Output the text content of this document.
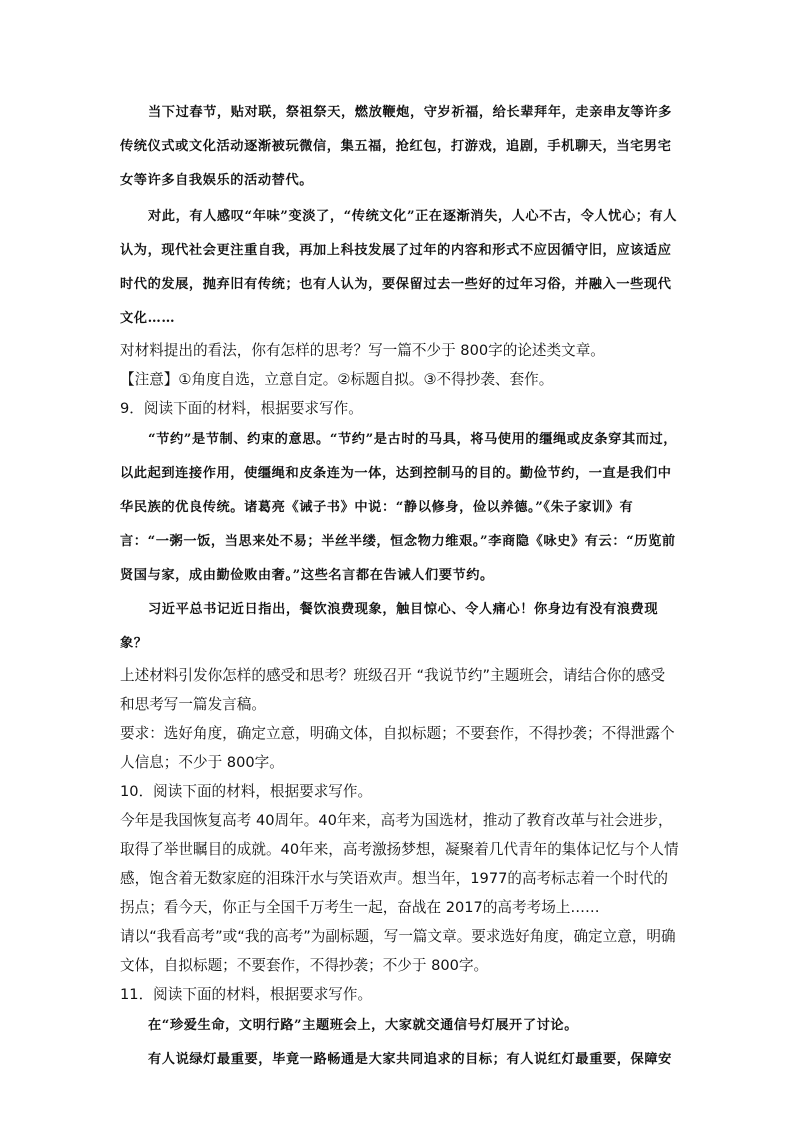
当下过春节，贴对联，祭祖祭天，燃放鞭炮，守岁祈福，给长辈拜年，走亲串友等许多传统仪式或文化活动逐渐被玩微信，集五福，抢红包，打游戏，追剧，手机聊天，当宅男宅女等许多自我娱乐的活动替代。

对此，有人感叹“年味”变淡了，“传统文化”正在逐渐消失，人心不古，令人忧心；有人认为，现代社会更注重自我，再加上科技发展了过年的内容和形式不应因循守旧，应该适应时代的发展，抛弃旧有传统；也有人认为，要保留过去一些好的过年习俗，并融入一些现代文化……

对材料提出的看法，你有怎样的思考？写一篇不少于 800字的论述类文章。

【注意】①角度自选，立意自定。②标题自拟。③不得抄袭、套作。

9．阅读下面的材料，根据要求写作。

“节约”是节制、约束的意思。“节约”是古时的马具，将马使用的缰绳或皮条穿其而过，以此起到连接作用，使缰绳和皮条连为一体，达到控制马的目的。勤俭节约，一直是我们中华民族的优良传统。诸葛亮《诫子书》中说：“静以修身，俭以养德。”《朱子家训》有言：“一粥一饭，当思来处不易；半丝半缕，恒念物力维艰。”李商隐《咏史》有云：“历览前贤国与家，成由勤俭败由奢。”这些名言都在告诫人们要节约。

习近平总书记近日指出，餐饮浪费现象，触目惊心、令人痛心！你身边有没有浪费现象？

上述材料引发你怎样的感受和思考？班级召开 “我说节约”主题班会，请结合你的感受和思考写一篇发言稿。

要求：选好角度，确定立意，明确文体，自拟标题；不要套作，不得抄袭；不得泄露个人信息；不少于 800字。

10．阅读下面的材料，根据要求写作。

今年是我国恢复高考 40周年。40年来，高考为国选材，推动了教育改革与社会进步，取得了举世瞩目的成就。40年来，高考激扬梦想，凝聚着几代青年的集体记忆与个人情感，饱含着无数家庭的泪珠汗水与笑语欢声。想当年，1977的高考标志着一个时代的拐点；看今天，你正与全国千万考生一起，奋战在 2017的高考考场上……

请以“我看高考”或“我的高考”为副标题，写一篇文章。要求选好角度，确定立意，明确文体，自拟标题；不要套作，不得抄袭；不少于 800字。

11．阅读下面的材料，根据要求写作。

在“珍爱生命，文明行路”主题班会上，大家就交通信号灯展开了讨论。

有人说绿灯最重要，毕竟一路畅通是大家共同追求的目标；有人说红灯最重要，保障安
